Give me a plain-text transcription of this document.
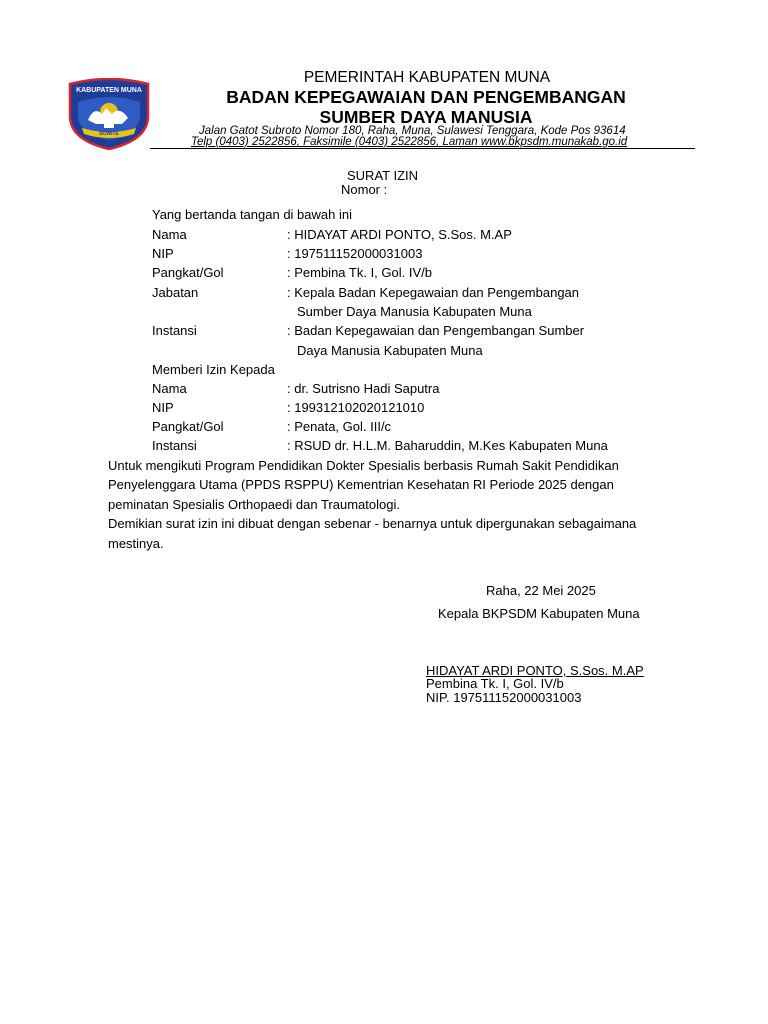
KABUPATEN MUNA
SOWITE
PEMERINTAH KABUPATEN MUNA
BADAN KEPEGAWAIAN DAN PENGEMBANGAN
SUMBER DAYA MANUSIA
Jalan Gatot Subroto Nomor 180, Raha, Muna, Sulawesi Tenggara, Kode Pos 93614
Telp (0403) 2522856, Faksimile (0403) 2522856, Laman www.bkpsdm.munakab.go.id
SURAT IZIN
Nomor :
Yang bertanda tangan di bawah ini
Nama	: HIDAYAT ARDI PONTO, S.Sos. M.AP
NIP	: 197511152000031003
Pangkat/Gol	: Pembina Tk. I, Gol. IV/b
Jabatan	: Kepala Badan Kepegawaian dan Pengembangan
Sumber Daya Manusia Kabupaten Muna
Instansi	: Badan Kepegawaian dan Pengembangan Sumber
Daya Manusia Kabupaten Muna
Memberi Izin Kepada
Nama	: dr. Sutrisno Hadi Saputra
NIP	: 199312102020121010
Pangkat/Gol	: Penata, Gol. III/c
Instansi	: RSUD dr. H.L.M. Baharuddin, M.Kes Kabupaten Muna
Untuk mengikuti Program Pendidikan Dokter Spesialis berbasis Rumah Sakit Pendidikan
Penyelenggara Utama (PPDS RSPPU) Kementrian Kesehatan RI Periode 2025 dengan
peminatan Spesialis Orthopaedi dan Traumatologi.
Demikian surat izin ini dibuat dengan sebenar - benarnya untuk dipergunakan sebagaimana
mestinya.
Raha, 22 Mei 2025
Kepala BKPSDM Kabupaten Muna
HIDAYAT ARDI PONTO, S.Sos. M.AP
Pembina Tk. I, Gol. IV/b
NIP. 197511152000031003
